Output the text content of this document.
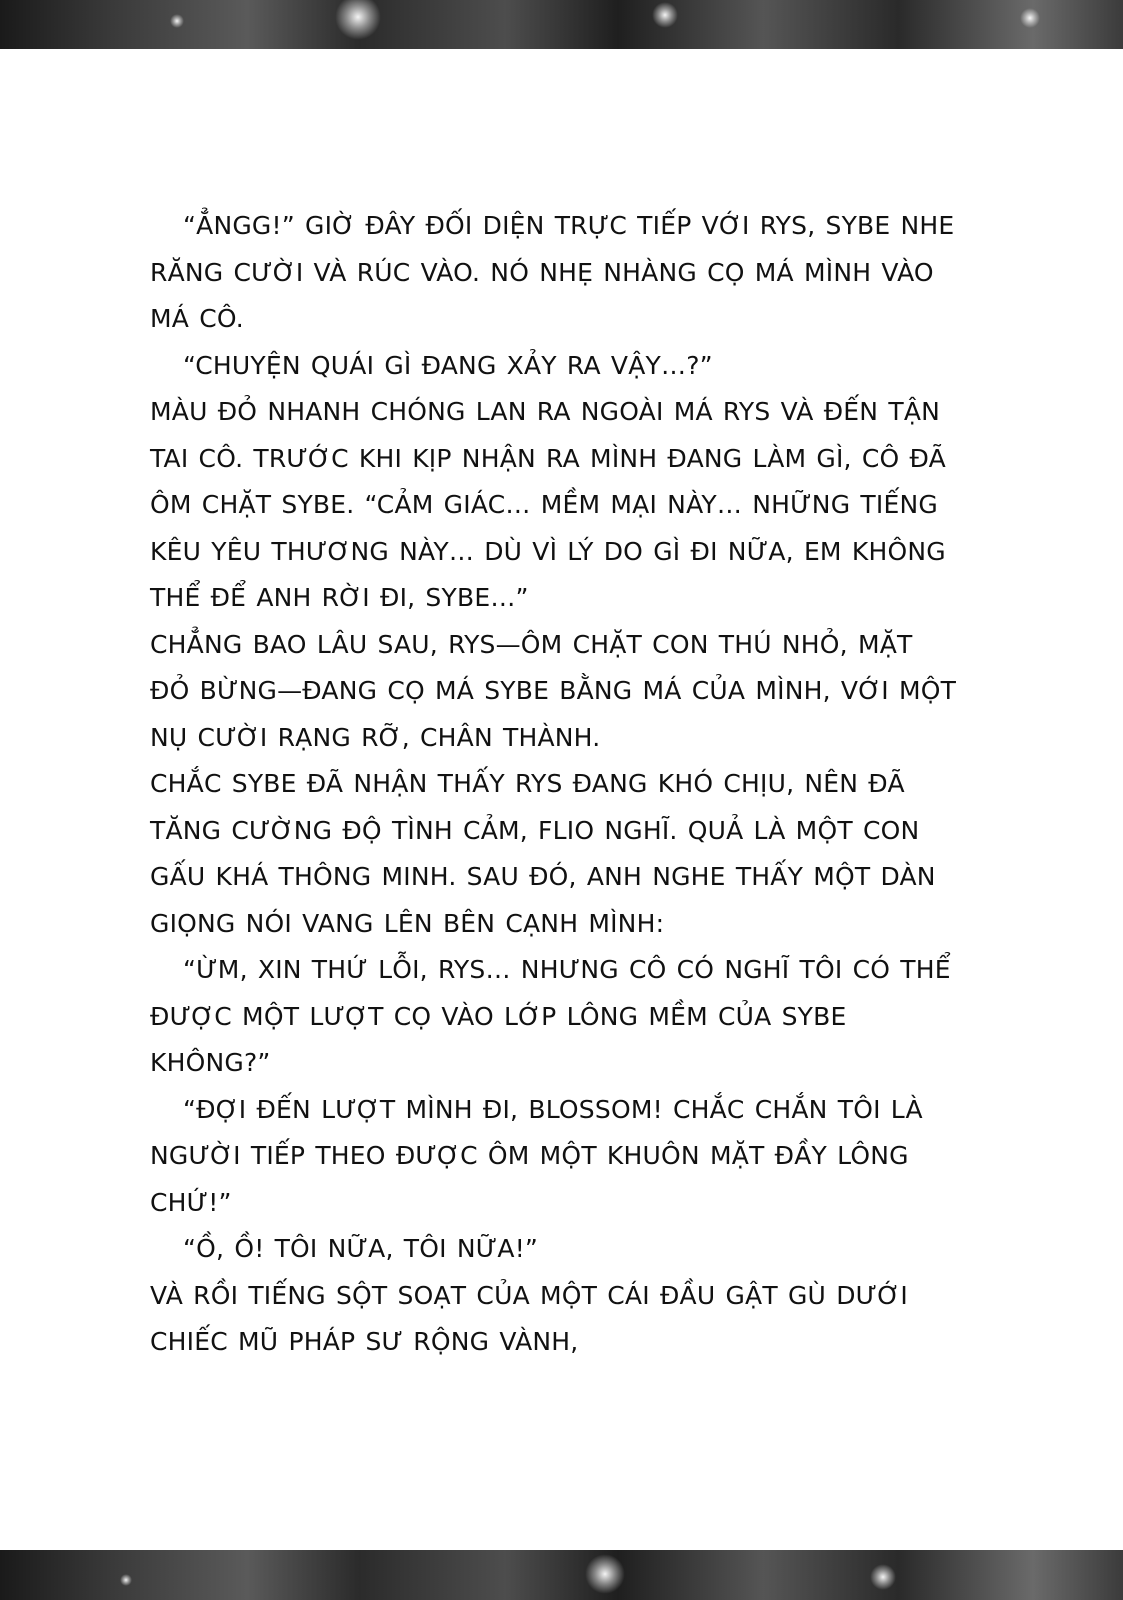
“ẲNGG!” GIỜ ĐÂY ĐỐI DIỆN TRỰC TIẾP VỚI RYS, SYBE NHE RĂNG CƯỜI VÀ RÚC VÀO. NÓ NHẸ NHÀNG CỌ MÁ MÌNH VÀO MÁ CÔ.

“CHUYỆN QUÁI GÌ ĐANG XẢY RA VẬY…?”

MÀU ĐỎ NHANH CHÓNG LAN RA NGOÀI MÁ RYS VÀ ĐẾN TẬN TAI CÔ. TRƯỚC KHI KỊP NHẬN RA MÌNH ĐANG LÀM GÌ, CÔ ĐÃ ÔM CHẶT SYBE. “CẢM GIÁC… MỀM MẠI NÀY… NHỮNG TIẾNG KÊU YÊU THƯƠNG NÀY… DÙ VÌ LÝ DO GÌ ĐI NỮA, EM KHÔNG THỂ ĐỂ ANH RỜI ĐI, SYBE…”

CHẲNG BAO LÂU SAU, RYS—ÔM CHẶT CON THÚ NHỎ, MẶT ĐỎ BỪNG—ĐANG CỌ MÁ SYBE BẰNG MÁ CỦA MÌNH, VỚI MỘT NỤ CƯỜI RẠNG RỠ, CHÂN THÀNH.

CHẮC SYBE ĐÃ NHẬN THẤY RYS ĐANG KHÓ CHỊU, NÊN ĐÃ TĂNG CƯỜNG ĐỘ TÌNH CẢM, FLIO NGHĨ. QUẢ LÀ MỘT CON GẤU KHÁ THÔNG MINH. SAU ĐÓ, ANH NGHE THẤY MỘT DÀN GIỌNG NÓI VANG LÊN BÊN CẠNH MÌNH:

“ỪM, XIN THỨ LỖI, RYS… NHƯNG CÔ CÓ NGHĨ TÔI CÓ THỂ ĐƯỢC MỘT LƯỢT CỌ VÀO LỚP LÔNG MỀM CỦA SYBE KHÔNG?”

“ĐỢI ĐẾN LƯỢT MÌNH ĐI, BLOSSOM! CHẮC CHẮN TÔI LÀ NGƯỜI TIẾP THEO ĐƯỢC ÔM MỘT KHUÔN MẶT ĐẦY LÔNG CHỨ!”

“Ồ, Ồ! TÔI NỮA, TÔI NỮA!”

VÀ RỒI TIẾNG SỘT SOẠT CỦA MỘT CÁI ĐẦU GẬT GÙ DƯỚI CHIẾC MŨ PHÁP SƯ RỘNG VÀNH,
